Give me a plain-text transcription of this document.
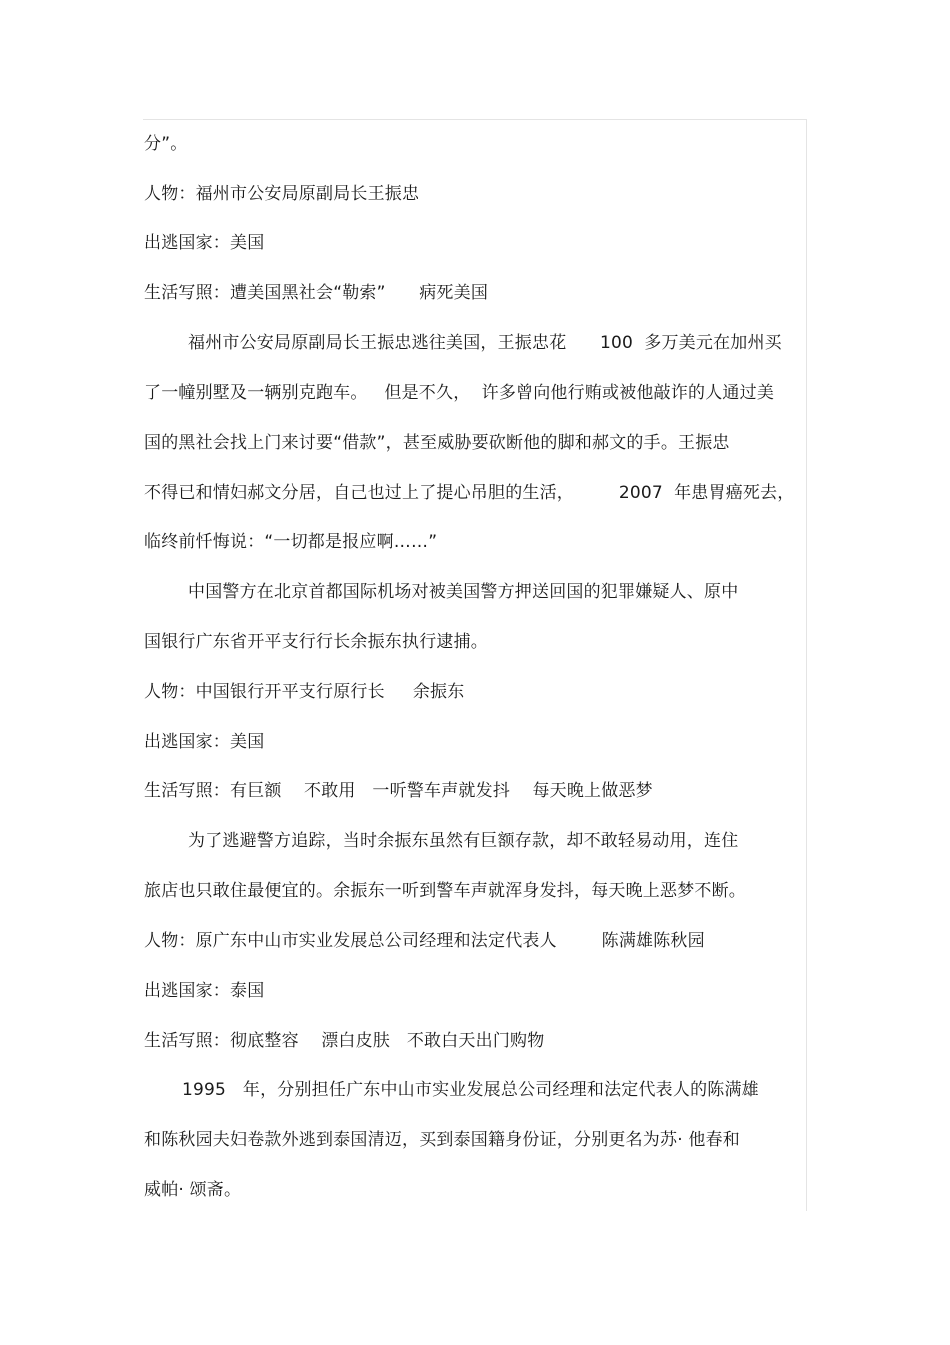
分”。
人物：福州市公安局原副局长王振忠
出逃国家：美国
生活写照：遭美国黑社会“勒索”      病死美国
福州市公安局原副局长王振忠逃往美国，王振忠花      100  多万美元在加州买
了一幢别墅及一辆别克跑车。   但是不久，  许多曾向他行贿或被他敲诈的人通过美
国的黑社会找上门来讨要“借款”，甚至威胁要砍断他的脚和郝文的手。王振忠
不得已和情妇郝文分居，自己也过上了提心吊胆的生活，        2007  年患胃癌死去，
临终前忏悔说：“一切都是报应啊……”
中国警方在北京首都国际机场对被美国警方押送回国的犯罪嫌疑人、原中
国银行广东省开平支行行长余振东执行逮捕。
人物：中国银行开平支行原行长     余振东
出逃国家：美国
生活写照：有巨额    不敢用   一听警车声就发抖    每天晚上做恶梦
为了逃避警方追踪，当时余振东虽然有巨额存款，却不敢轻易动用，连住
旅店也只敢住最便宜的。余振东一听到警车声就浑身发抖，每天晚上恶梦不断。
人物：原广东中山市实业发展总公司经理和法定代表人        陈满雄陈秋园
出逃国家：泰国
生活写照：彻底整容    漂白皮肤   不敢白天出门购物
1995   年，分别担任广东中山市实业发展总公司经理和法定代表人的陈满雄
和陈秋园夫妇卷款外逃到泰国清迈，买到泰国籍身份证，分别更名为苏· 他春和
威帕· 颂斋。
